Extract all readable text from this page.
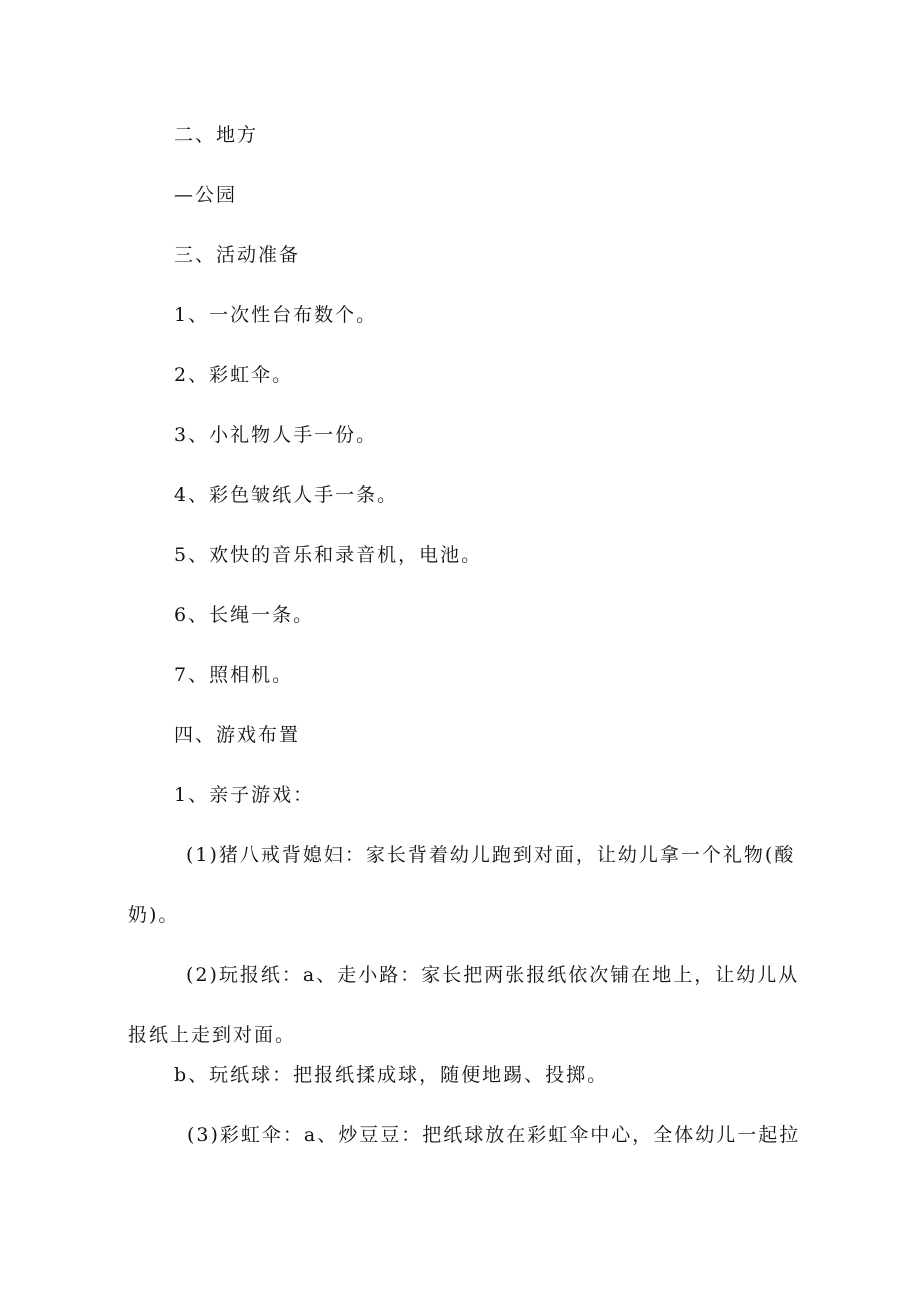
二、地方
—公园
三、活动准备
1、一次性台布数个。
2、彩虹伞。
3、小礼物人手一份。
4、彩色皱纸人手一条。
5、欢快的音乐和录音机，电池。
6、长绳一条。
7、照相机。
四、游戏布置
1、亲子游戏：
(1)猪八戒背媳妇：家长背着幼儿跑到对面，让幼儿拿一个礼物(酸奶)。
(2)玩报纸：a、走小路：家长把两张报纸依次铺在地上，让幼儿从报纸上走到对面。
b、玩纸球：把报纸揉成球，随便地踢、投掷。
(3)彩虹伞：a、炒豆豆：把纸球放在彩虹伞中心，全体幼儿一起拉
